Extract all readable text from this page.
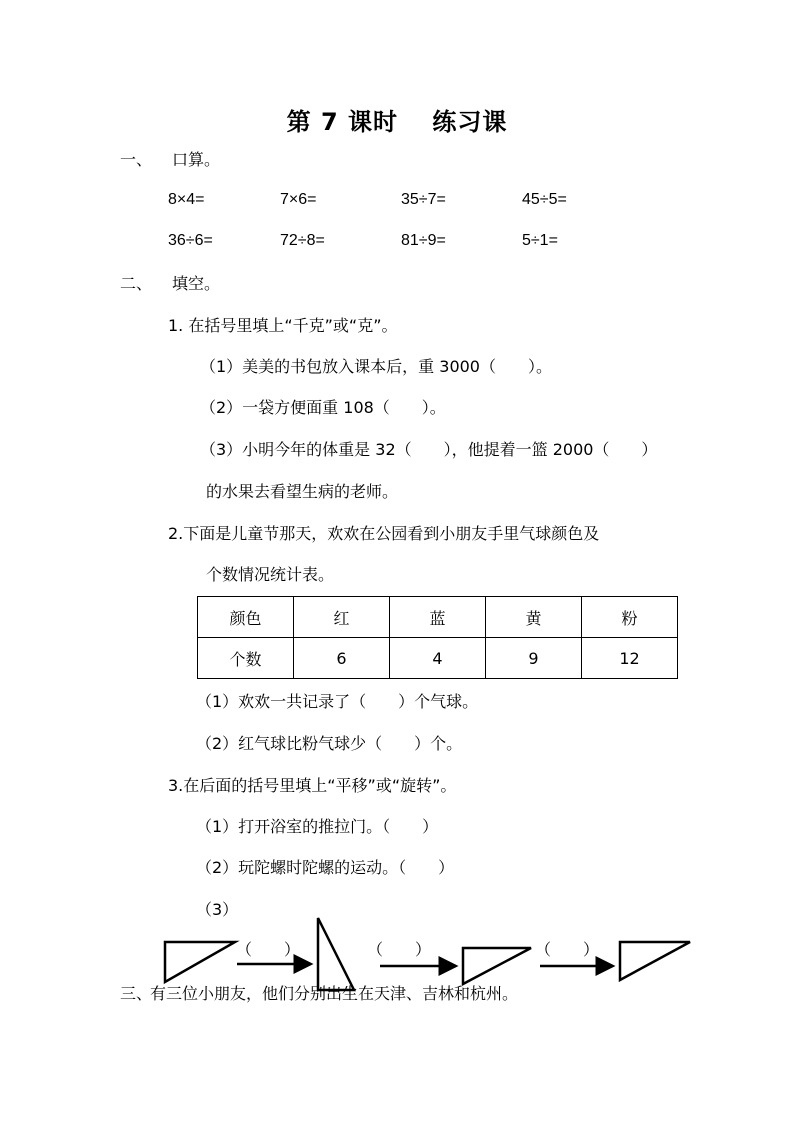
第 7 课时　 练习课
一、 口算。
8×4=	7×6=	35÷7=	45÷5=
36÷6=	72÷8=	81÷9=	5÷1=
二、 填空。
1. 在括号里填上“千克”或“克”。
（1）美美的书包放入课本后，重 3000（　　）。
（2）一袋方便面重 108（　　）。
（3）小明今年的体重是 32（　　），他提着一篮 2000（　　）
的水果去看望生病的老师。
2.下面是儿童节那天，欢欢在公园看到小朋友手里气球颜色及
个数情况统计表。
颜色	红	蓝	黄	粉
个数	6	4	9	12
（1）欢欢一共记录了（　　）个气球。
（2）红气球比粉气球少（　　）个。
3.在后面的括号里填上“平移”或“旋转”。
（1）打开浴室的推拉门。（　　）
（2）玩陀螺时陀螺的运动。（　　）
（3）
（　　）	（　　）	（　　）
三、
有三位小朋友，他们分别出生在天津、吉林和杭州。
